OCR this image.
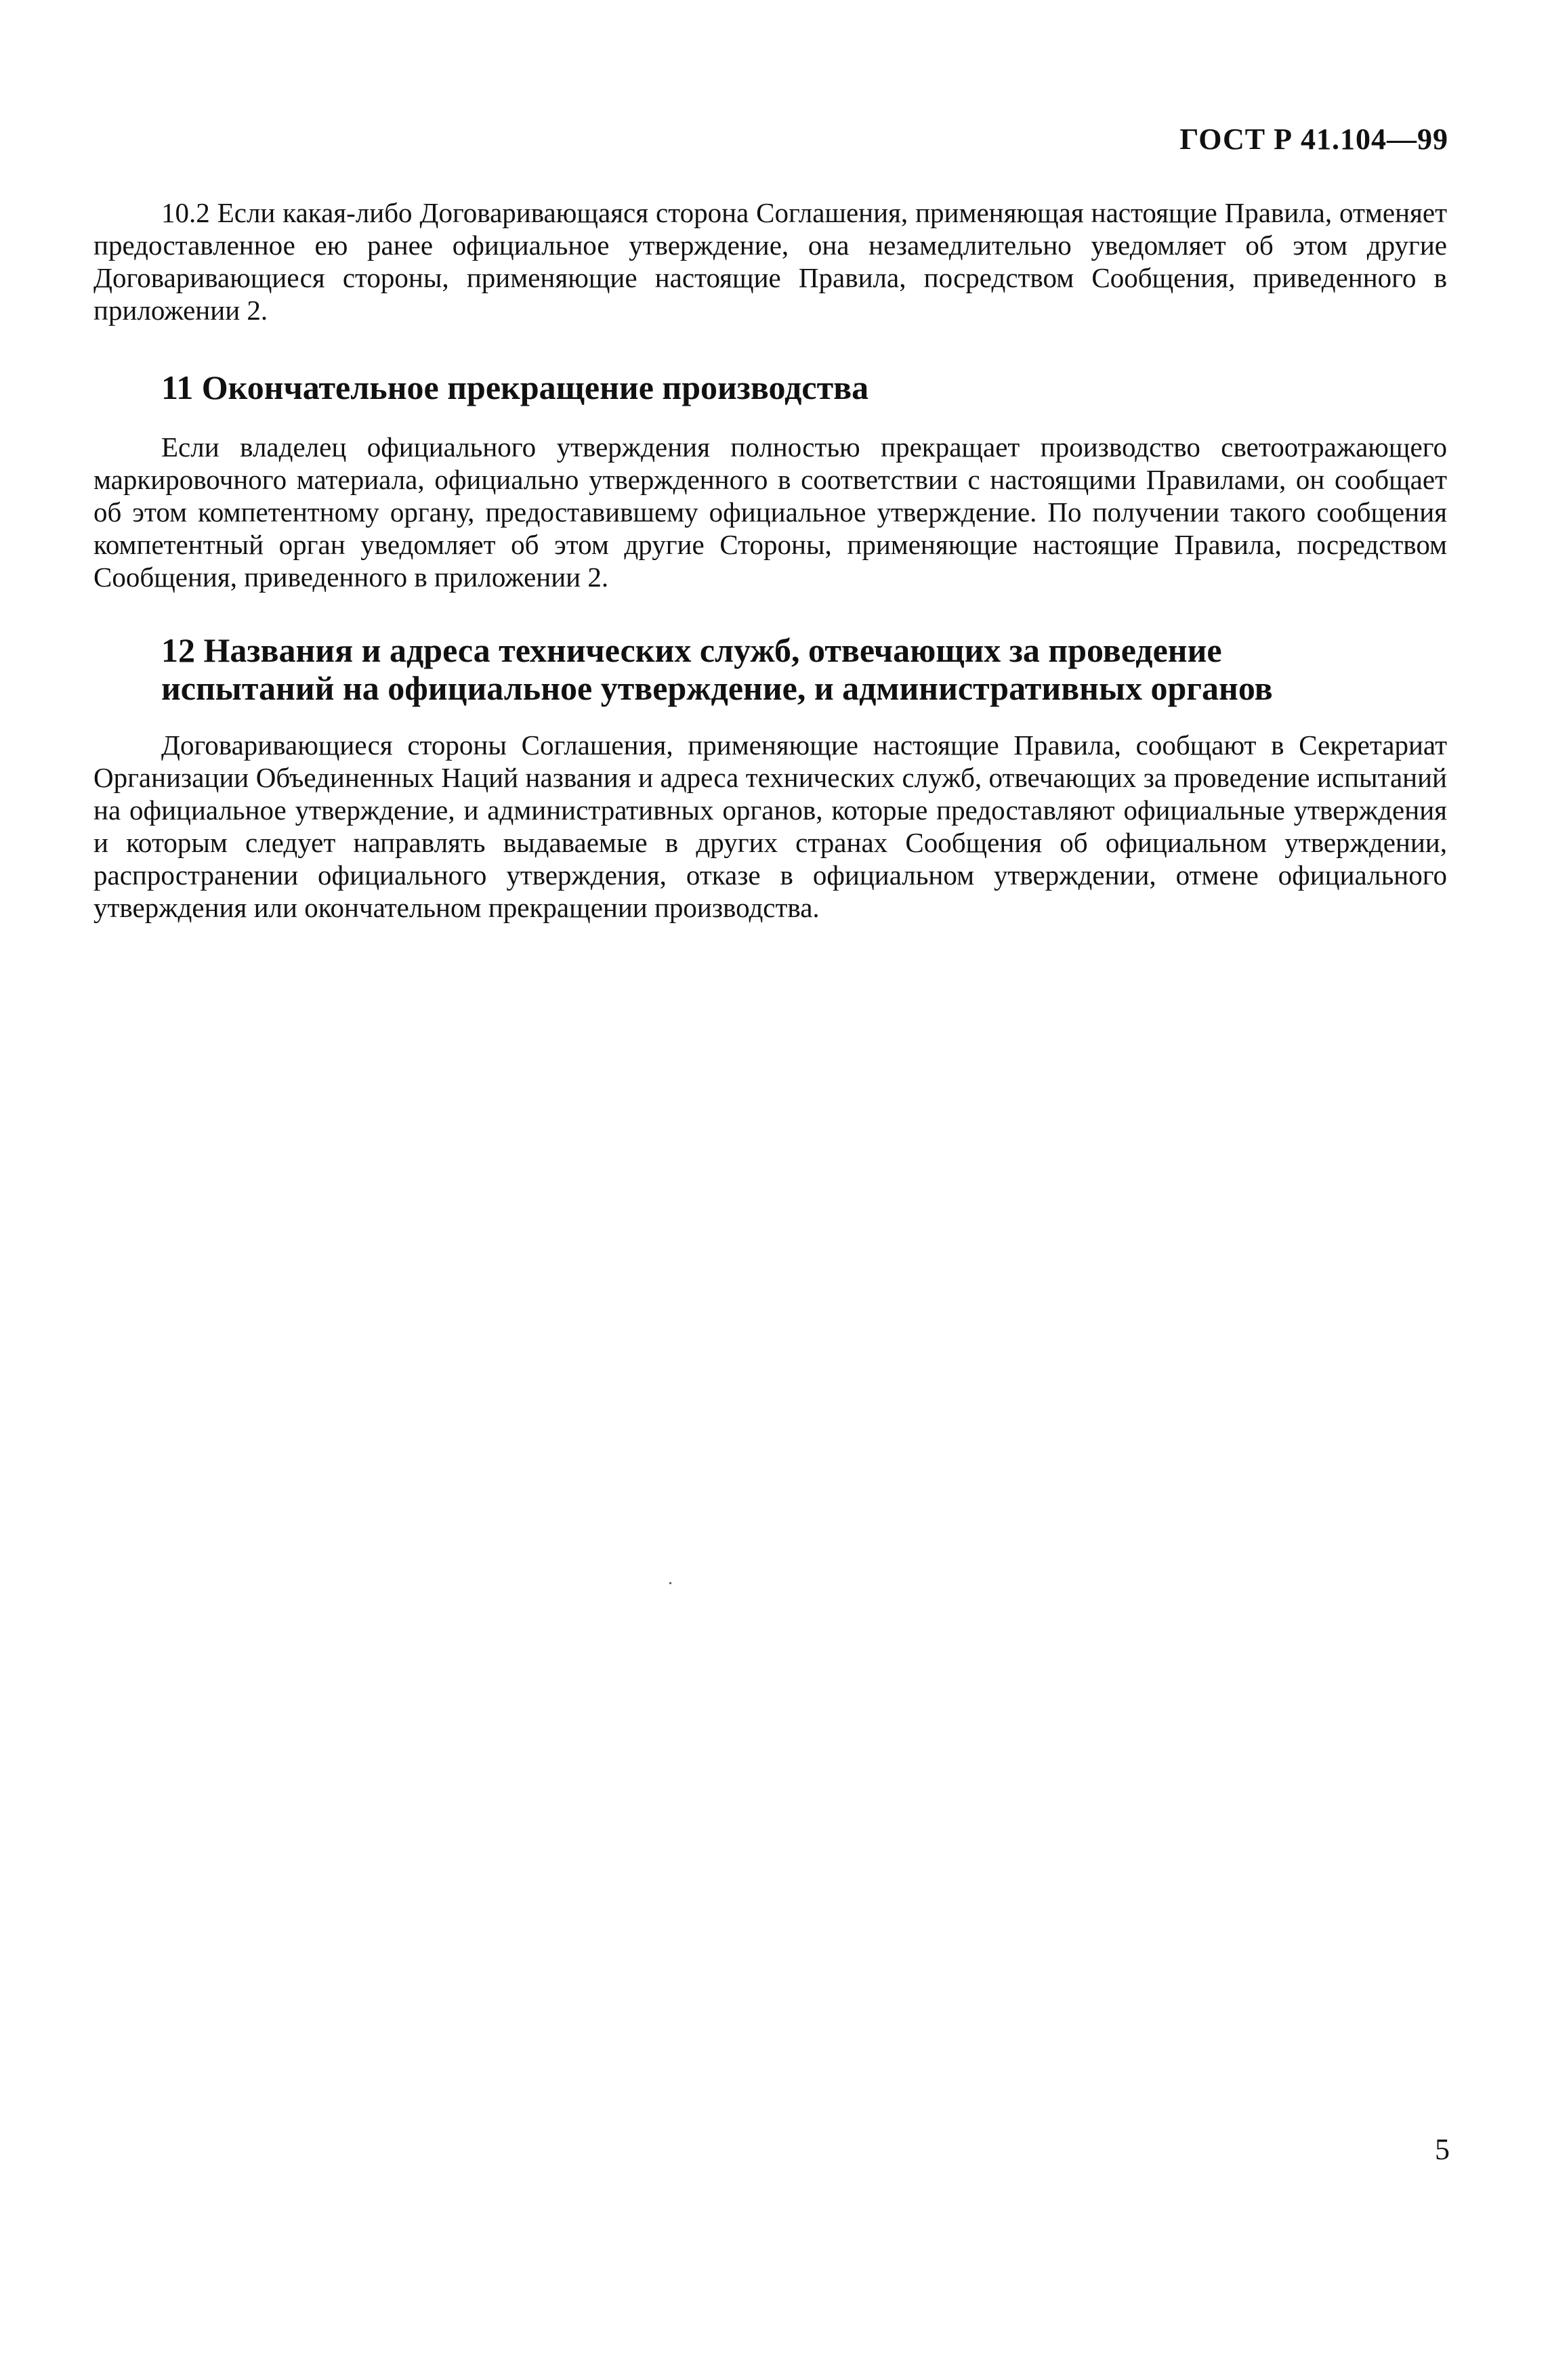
ГОСТ Р 41.104—99

10.2 Если какая-либо Договаривающаяся сторона Соглашения, применяющая настоящие Правила, отменяет предоставленное ею ранее официальное утверждение, она незамедлительно уведомляет об этом другие Договаривающиеся стороны, применяющие настоящие Правила, посредством Сообщения, приведенного в приложении 2.

11 Окончательное прекращение производства

Если владелец официального утверждения полностью прекращает производство светоотражающего маркировочного материала, официально утвержденного в соответствии с настоящими Правилами, он сообщает об этом компетентному органу, предоставившему официальное утверждение. По получении такого сообщения компетентный орган уведомляет об этом другие Стороны, применяющие настоящие Правила, посредством Сообщения, приведенного в приложении 2.

12 Названия и адреса технических служб, отвечающих за проведение
испытаний на официальное утверждение, и административных органов

Договаривающиеся стороны Соглашения, применяющие настоящие Правила, сообщают в Секретариат Организации Объединенных Наций названия и адреса технических служб, отвечающих за проведение испытаний на официальное утверждение, и административных органов, которые предоставляют официальные утверждения и которым следует направлять выдаваемые в других странах Сообщения об официальном утверждении, распространении официального утверждения, отказе в официальном утверждении, отмене официального утверждения или окончательном прекращении производства.

5
